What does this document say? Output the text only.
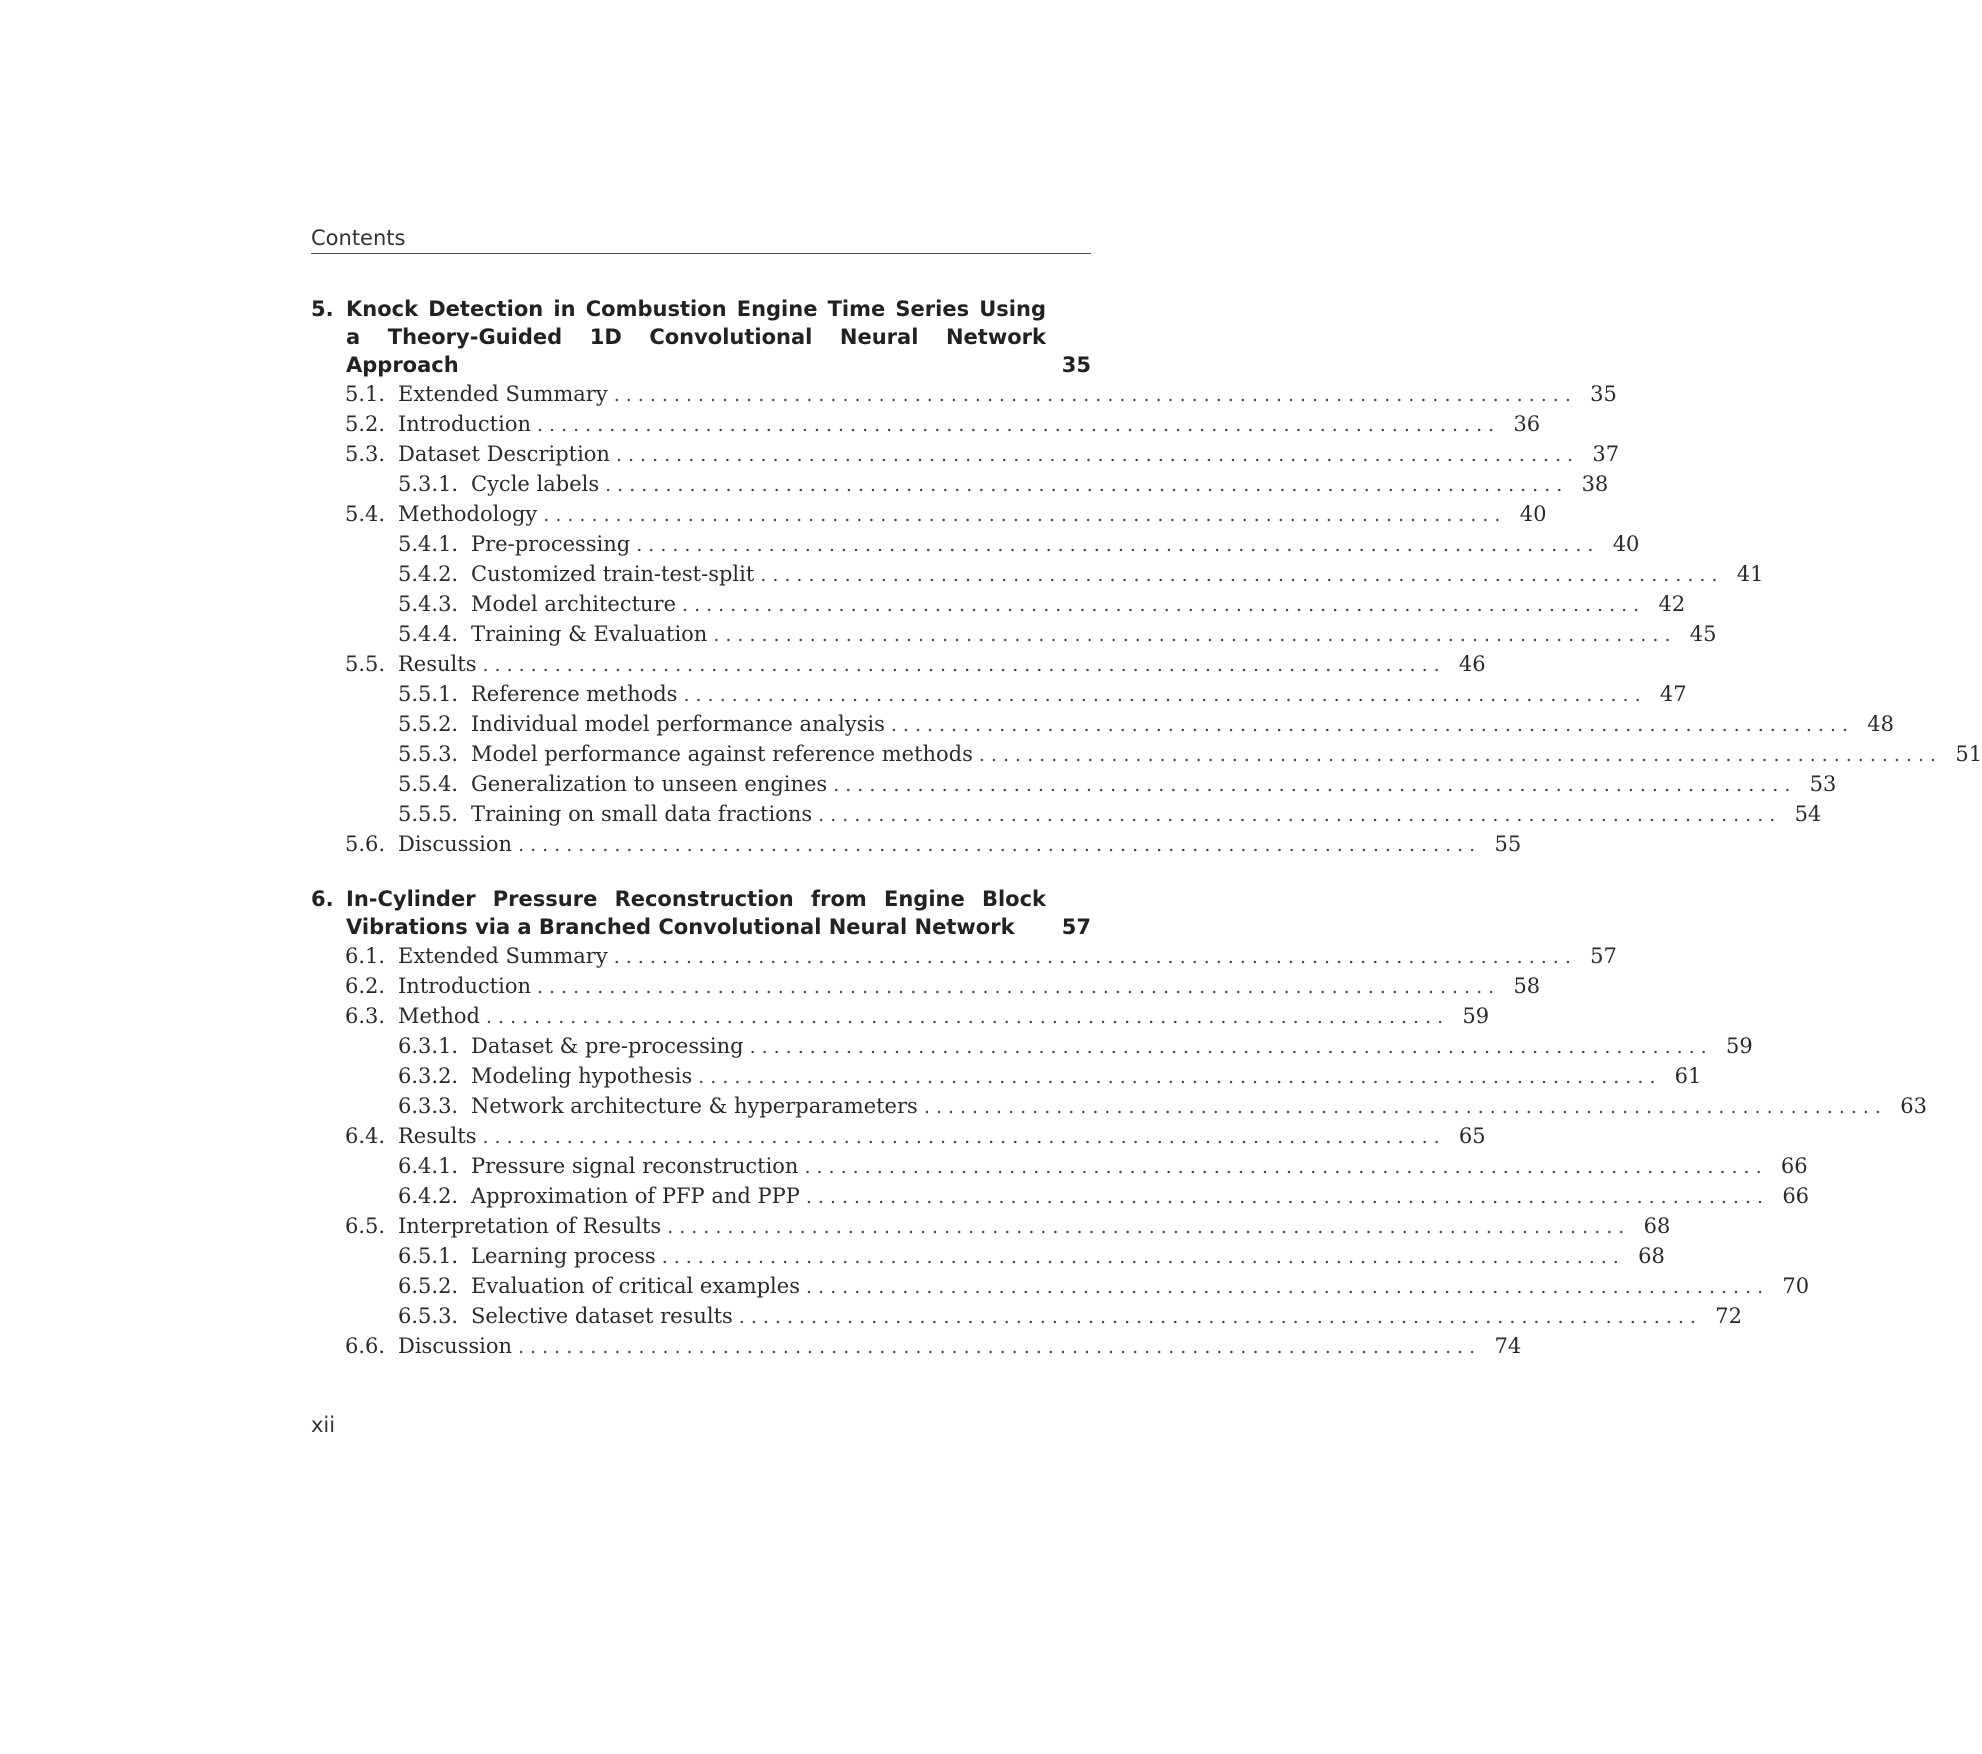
Contents
5. Knock Detection in Combustion Engine Time Series Using a Theory-Guided 1D Convolutional Neural Network Approach	35
5.1. Extended Summary ................................................................................ 35
5.2. Introduction ................................................................................ 36
5.3. Dataset Description ................................................................................ 37
5.3.1. Cycle labels ................................................................................ 38
5.4. Methodology ................................................................................ 40
5.4.1. Pre-processing ................................................................................ 40
5.4.2. Customized train-test-split ................................................................................ 41
5.4.3. Model architecture ................................................................................ 42
5.4.4. Training & Evaluation ................................................................................ 45
5.5. Results ................................................................................ 46
5.5.1. Reference methods ................................................................................ 47
5.5.2. Individual model performance analysis ................................................................................ 48
5.5.3. Model performance against reference methods ................................................................................ 51
5.5.4. Generalization to unseen engines ................................................................................ 53
5.5.5. Training on small data fractions ................................................................................ 54
5.6. Discussion ................................................................................ 55
6. In-Cylinder Pressure Reconstruction from Engine Block Vibrations via a Branched Convolutional Neural Network	57
6.1. Extended Summary ................................................................................ 57
6.2. Introduction ................................................................................ 58
6.3. Method ................................................................................ 59
6.3.1. Dataset & pre-processing ................................................................................ 59
6.3.2. Modeling hypothesis ................................................................................ 61
6.3.3. Network architecture & hyperparameters ................................................................................ 63
6.4. Results ................................................................................ 65
6.4.1. Pressure signal reconstruction ................................................................................ 66
6.4.2. Approximation of PFP and PPP ................................................................................ 66
6.5. Interpretation of Results ................................................................................ 68
6.5.1. Learning process ................................................................................ 68
6.5.2. Evaluation of critical examples ................................................................................ 70
6.5.3. Selective dataset results ................................................................................ 72
6.6. Discussion ................................................................................ 74
xii
